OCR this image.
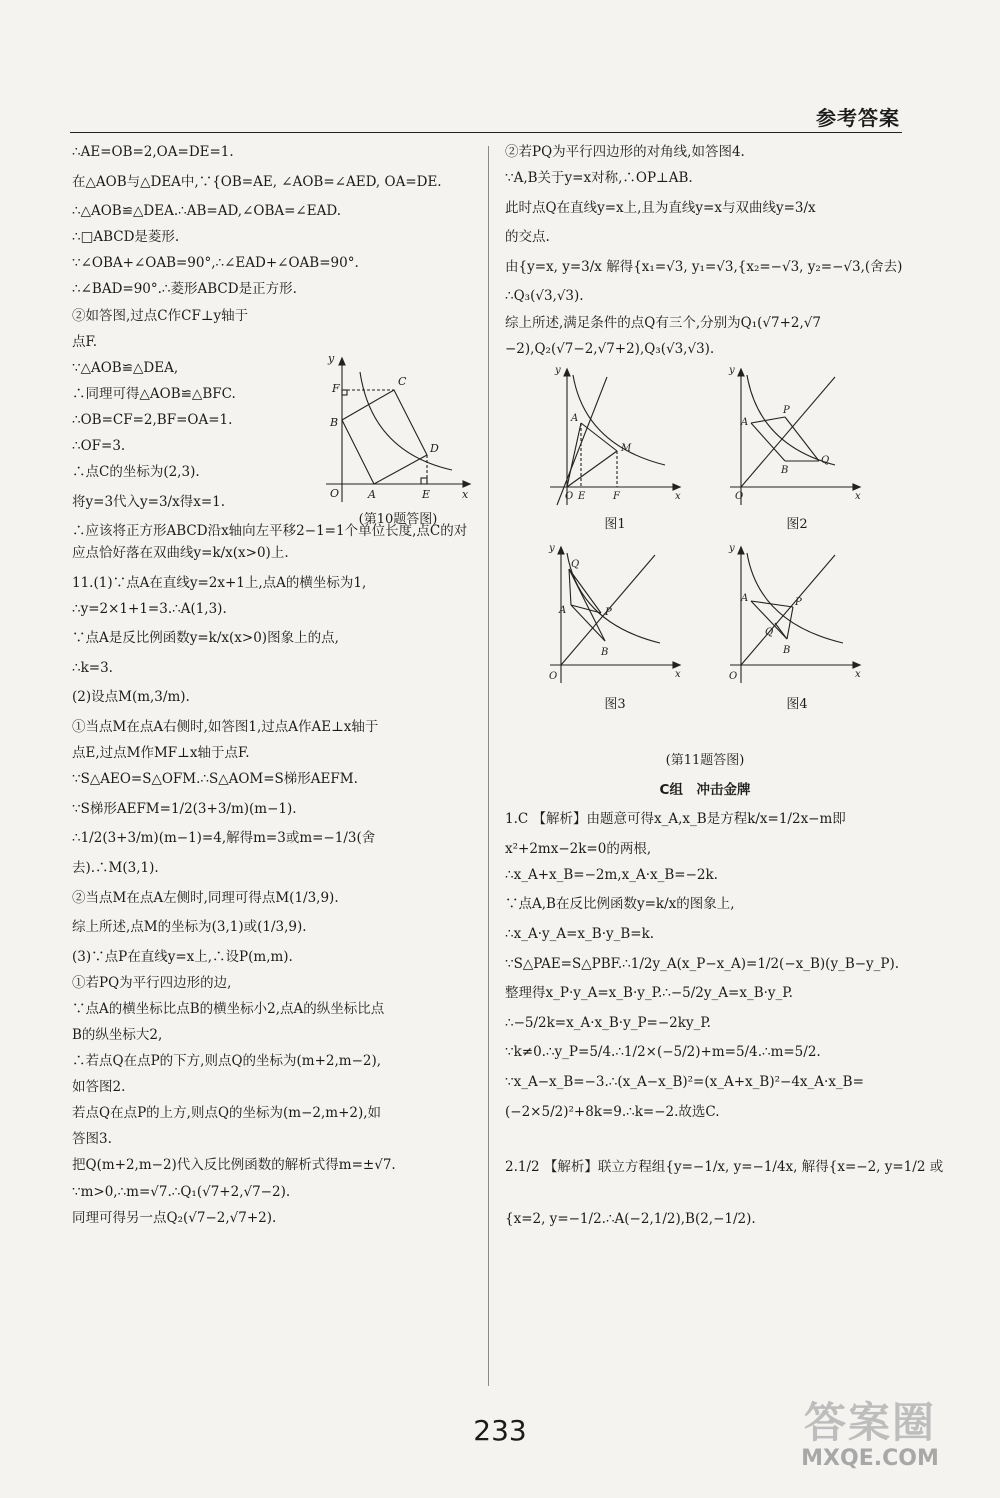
参考答案
∴AE=OB=2,OA=DE=1.
在△AOB与△DEA中,∵{OB=AE, ∠AOB=∠AED, OA=DE.
∴△AOB≌△DEA.∴AB=AD,∠OBA=∠EAD.
∴□ABCD是菱形.
∵∠OBA+∠OAB=90°,∴∠EAD+∠OAB=90°.
∴∠BAD=90°.∴菱形ABCD是正方形.
②如答图,过点C作CF⊥y轴于
点F.
∵△AOB≌△DEA,
∴同理可得△AOB≌△BFC.
∴OB=CF=2,BF=OA=1.
∴OF=3.
∴点C的坐标为(2,3).
将y=3代入y=3/x得x=1.
∴应该将正方形ABCD沿x轴向左平移2−1=1个单位长度,点C的对应点恰好落在双曲线y=k/x(x>0)上.
11.(1)∵点A在直线y=2x+1上,点A的横坐标为1,
∴y=2×1+1=3.∴A(1,3).
∵点A是反比例函数y=k/x(x>0)图象上的点,
∴k=3.
(2)设点M(m,3/m).
①当点M在点A右侧时,如答图1,过点A作AE⊥x轴于
点E,过点M作MF⊥x轴于点F.
∵S△AEO=S△OFM.∴S△AOM=S梯形AEFM.
∵S梯形AEFM=1/2(3+3/m)(m−1).
∴1/2(3+3/m)(m−1)=4,解得m=3或m=−1/3(舍
去).∴M(3,1).
②当点M在点A左侧时,同理可得点M(1/3,9).
综上所述,点M的坐标为(3,1)或(1/3,9).
(3)∵点P在直线y=x上,∴设P(m,m).
①若PQ为平行四边形的边,
∵点A的横坐标比点B的横坐标小2,点A的纵坐标比点
B的纵坐标大2,
∴若点Q在点P的下方,则点Q的坐标为(m+2,m−2),
如答图2.
若点Q在点P的上方,则点Q的坐标为(m−2,m+2),如
答图3.
把Q(m+2,m−2)代入反比例函数的解析式得m=±√7.
∵m>0,∴m=√7.∴Q₁(√7+2,√7−2).
同理可得另一点Q₂(√7−2,√7+2).
y
F
C
B
D
O	A	E	x
(第10题答图)
②若PQ为平行四边形的对角线,如答图4.
∵A,B关于y=x对称,∴OP⊥AB.
此时点Q在直线y=x上,且为直线y=x与双曲线y=3/x
的交点.
由{y=x, y=3/x 解得{x₁=√3, y₁=√3,{x₂=−√3, y₂=−√3,(舍去)
∴Q₃(√3,√3).
综上所述,满足条件的点Q有三个,分别为Q₁(√7+2,√7
−2),Q₂(√7−2,√7+2),Q₃(√3,√3).
y
A
M
O E	F	x
y
A
P
B
Q
O	x
y
Q
A	P
B
O	x
y
A	P
Q
B
O	x
图1	图2
图3	图4
(第11题答图)
C组　冲击金牌
1.C 【解析】由题意可得x_A,x_B是方程k/x=1/2x−m即
x²+2mx−2k=0的两根,
∴x_A+x_B=−2m,x_A·x_B=−2k.
∵点A,B在反比例函数y=k/x的图象上,
∴x_A·y_A=x_B·y_B=k.
∵S△PAE=S△PBF.∴1/2y_A(x_P−x_A)=1/2(−x_B)(y_B−y_P).
整理得x_P·y_A=x_B·y_P.∴−5/2y_A=x_B·y_P.
∴−5/2k=x_A·x_B·y_P=−2ky_P.
∵k≠0.∴y_P=5/4.∴1/2×(−5/2)+m=5/4.∴m=5/2.
∵x_A−x_B=−3.∴(x_A−x_B)²=(x_A+x_B)²−4x_A·x_B=
(−2×5/2)²+8k=9.∴k=−2.故选C.
2.1/2 【解析】联立方程组{y=−1/x, y=−1/4x, 解得{x=−2, y=1/2 或
{x=2, y=−1/2.∴A(−2,1/2),B(2,−1/2).
233	答案圈
MXQE.COM
